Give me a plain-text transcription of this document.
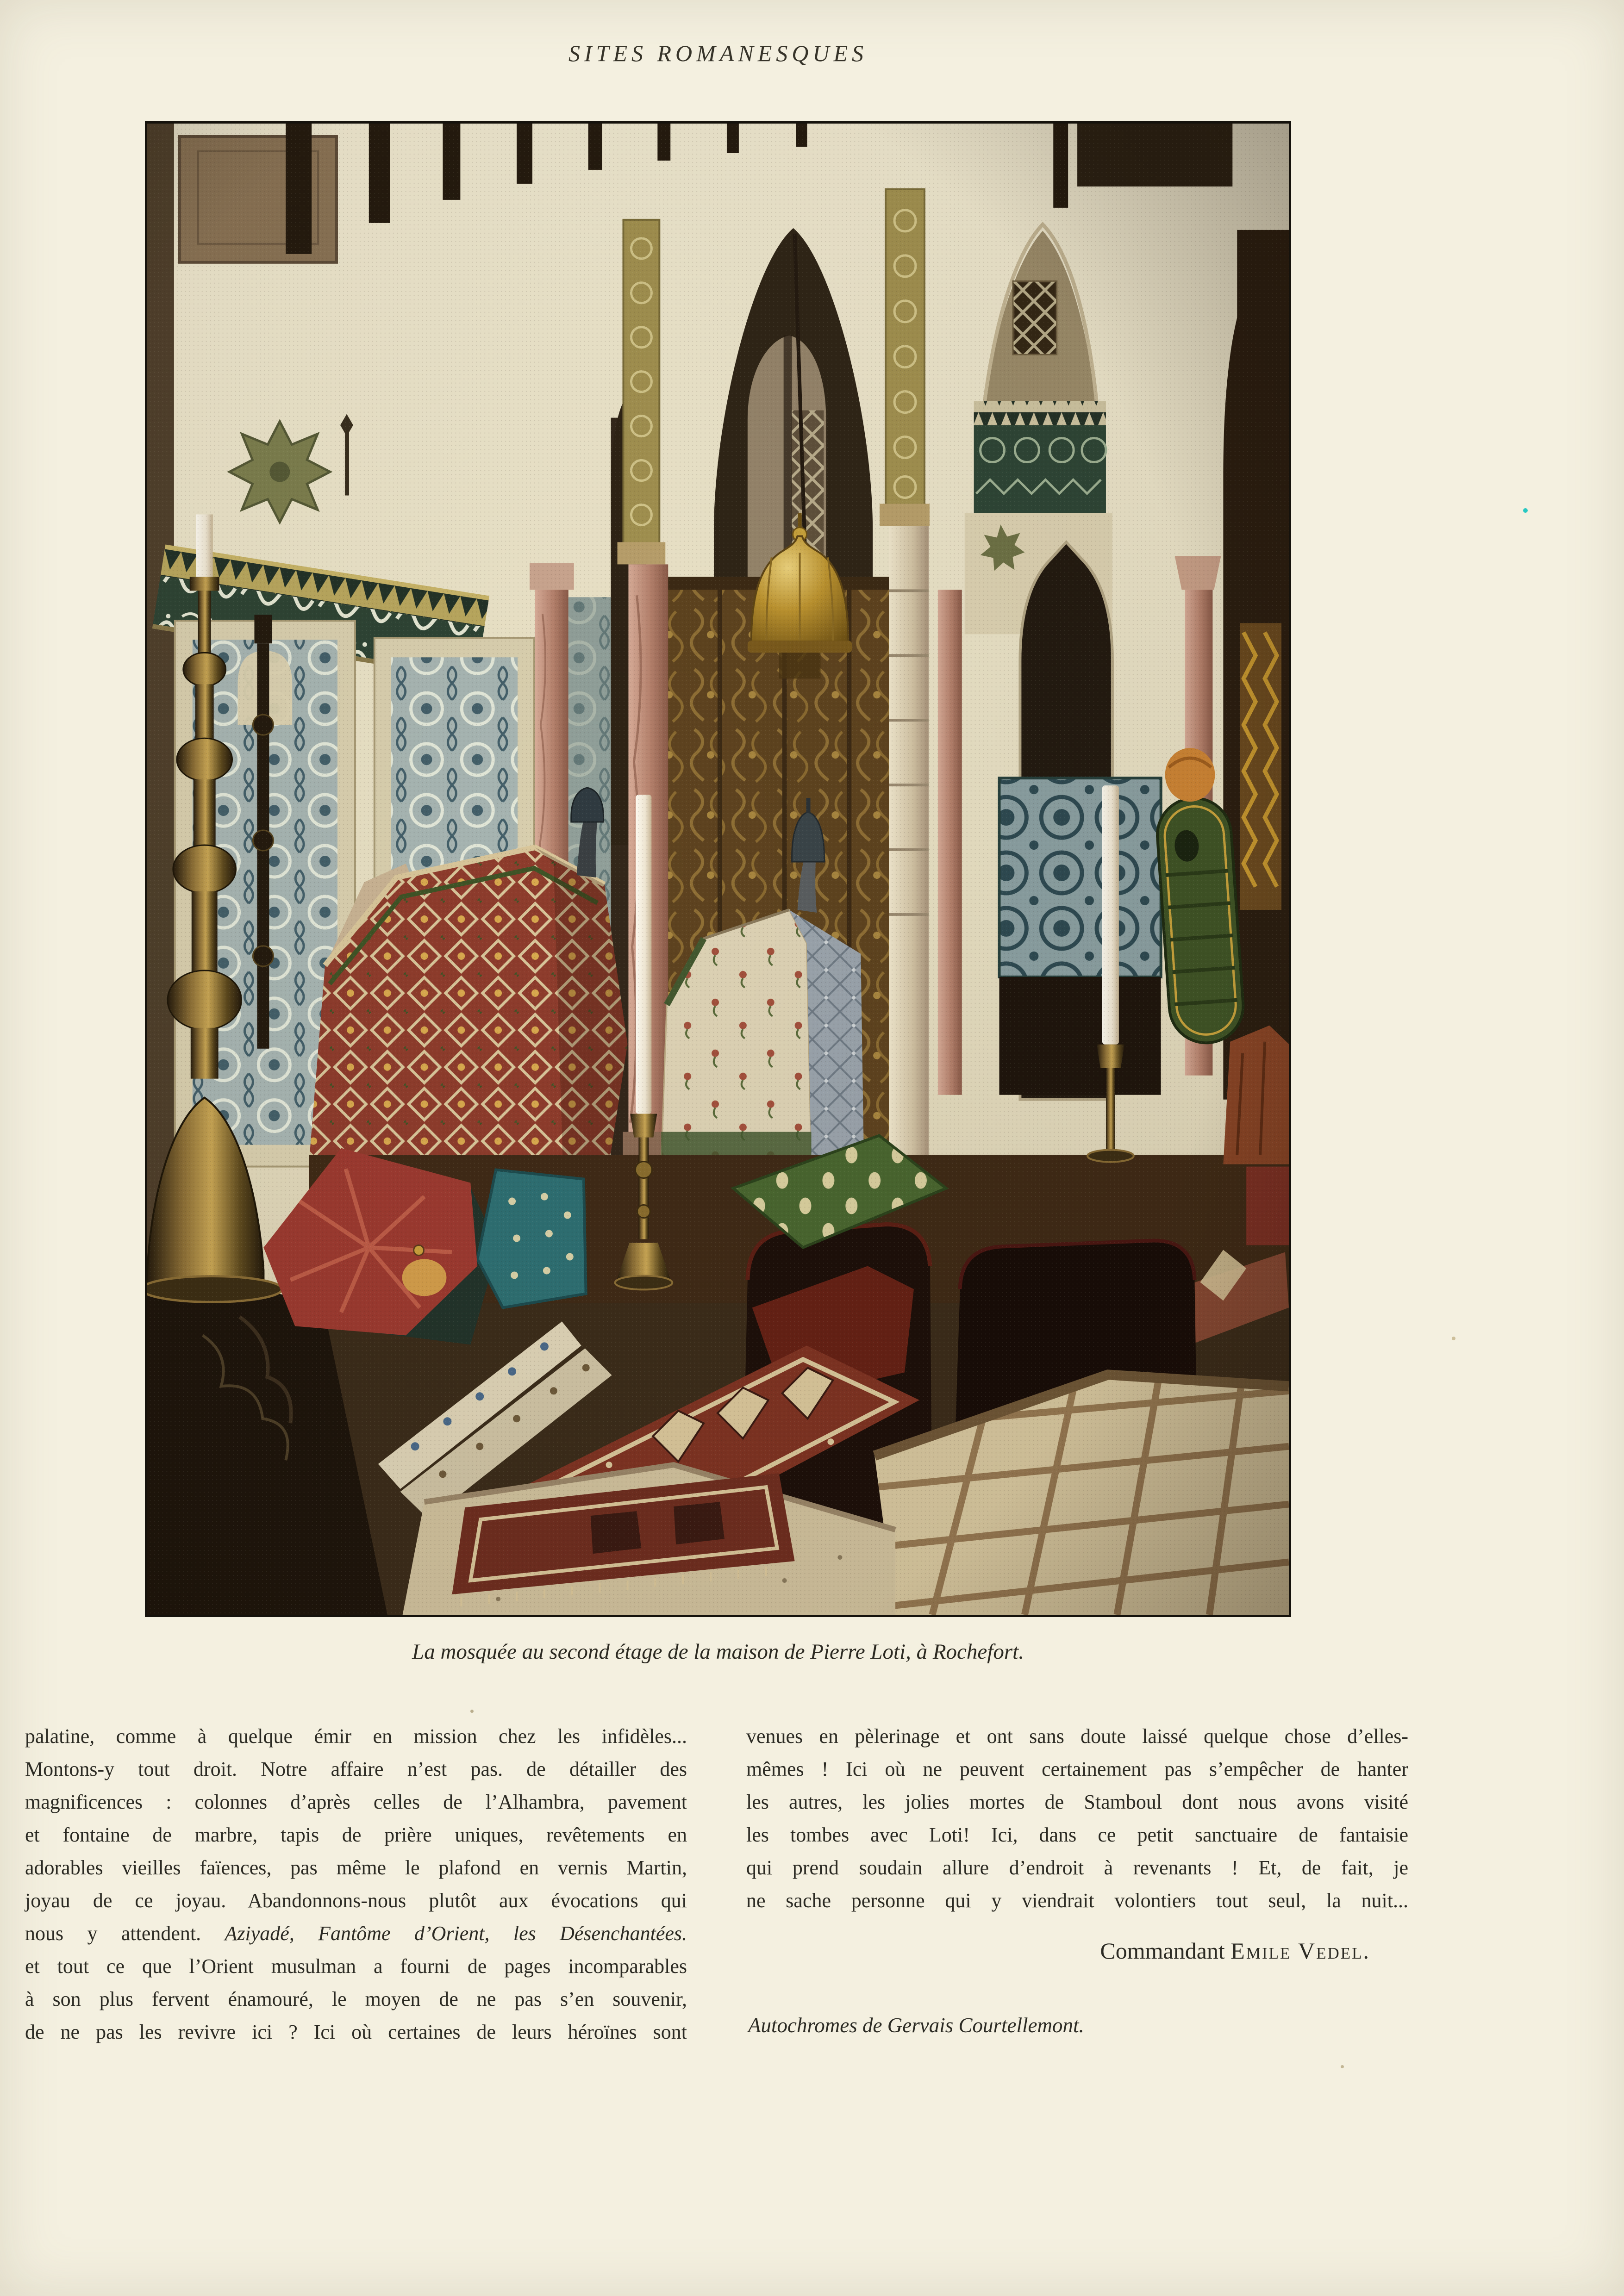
SITES ROMANESQUES
La mosquée au second étage de la maison de Pierre Loti, à Rochefort.
palatine, comme à quelque émir en mission chez les infidèles...
Montons-y tout droit. Notre affaire n’est pas. de détailler des
magnificences : colonnes d’après celles de l’Alhambra, pavement
et fontaine de marbre, tapis de prière uniques, revêtements en
adorables vieilles faïences, pas même le plafond en vernis Martin,
joyau de ce joyau. Abandonnons-nous plutôt aux évocations qui
nous y attendent. Aziyadé, Fantôme d’Orient, les Désenchantées.
et tout ce que l’Orient musulman a fourni de pages incomparables
à son plus fervent énamouré, le moyen de ne pas s’en souvenir,
de ne pas les revivre ici ? Ici où certaines de leurs héroïnes sont
venues en pèlerinage et ont sans doute laissé quelque chose d’elles-
mêmes ! Ici où ne peuvent certainement pas s’empêcher de hanter
les autres, les jolies mortes de Stamboul dont nous avons visité
les tombes avec Loti! Ici, dans ce petit sanctuaire de fantaisie
qui prend soudain allure d’endroit à revenants ! Et, de fait, je
ne sache personne qui y viendrait volontiers tout seul, la nuit...
Commandant Emile Vedel.
Autochromes de Gervais Courtellemont.
